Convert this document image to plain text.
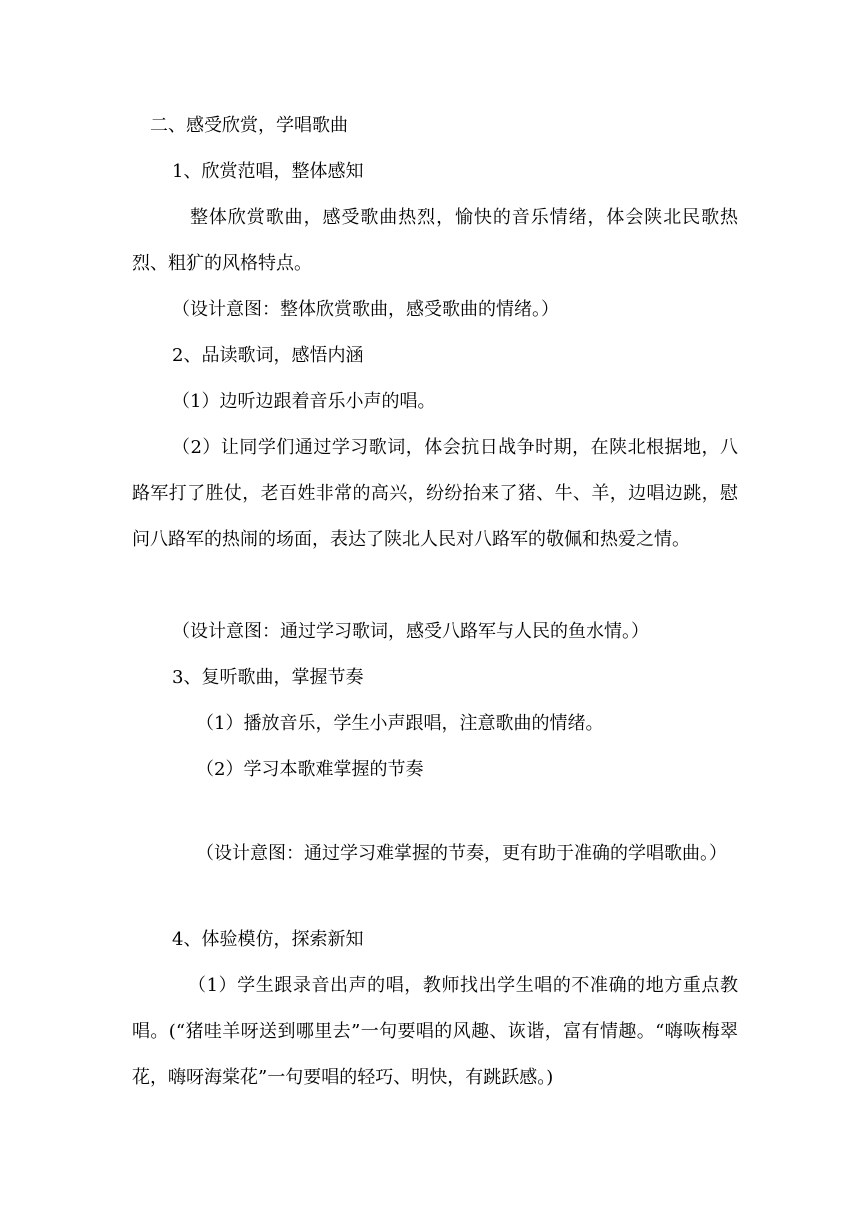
二、感受欣赏，学唱歌曲
1、欣赏范唱，整体感知
整体欣赏歌曲，感受歌曲热烈，愉快的音乐情绪，体会陕北民歌热烈、粗犷的风格特点。
（设计意图：整体欣赏歌曲，感受歌曲的情绪。）
2、品读歌词，感悟内涵
（1）边听边跟着音乐小声的唱。
（2）让同学们通过学习歌词，体会抗日战争时期，在陕北根据地，八路军打了胜仗，老百姓非常的高兴，纷纷抬来了猪、牛、羊，边唱边跳，慰问八路军的热闹的场面，表达了陕北人民对八路军的敬佩和热爱之情。
（设计意图：通过学习歌词，感受八路军与人民的鱼水情。）
3、复听歌曲，掌握节奏
（1）播放音乐，学生小声跟唱，注意歌曲的情绪。
（2）学习本歌难掌握的节奏
（设计意图：通过学习难掌握的节奏，更有助于准确的学唱歌曲。）
4、体验模仿，探索新知
（1）学生跟录音出声的唱，教师找出学生唱的不准确的地方重点教唱。(“猪哇羊呀送到哪里去”一句要唱的风趣、诙谐，富有情趣。“嗨咴梅翠花，嗨呀海棠花”一句要唱的轻巧、明快，有跳跃感。)
